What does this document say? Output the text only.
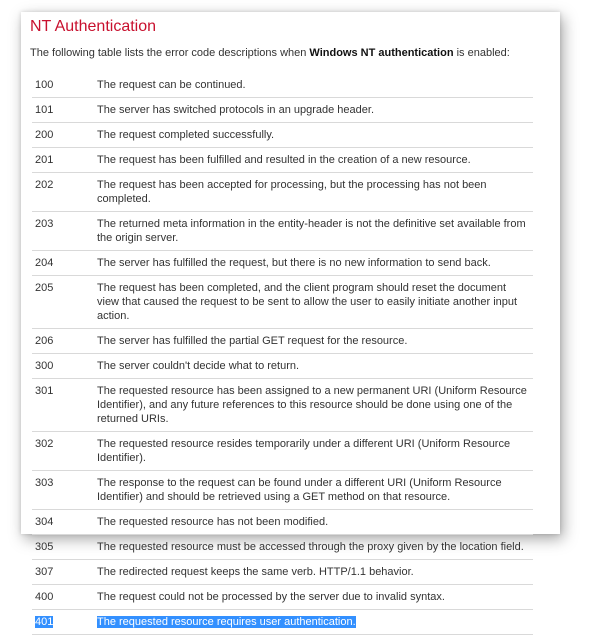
NT Authentication
The following table lists the error code descriptions when Windows NT authentication is enabled:
100	The request can be continued.
101	The server has switched protocols in an upgrade header.
200	The request completed successfully.
201	The request has been fulfilled and resulted in the creation of a new resource.
202	The request has been accepted for processing, but the processing has not been completed.
203	The returned meta information in the entity-header is not the definitive set available from the origin server.
204	The server has fulfilled the request, but there is no new information to send back.
205	The request has been completed, and the client program should reset the document view that caused the request to be sent to allow the user to easily initiate another input action.
206	The server has fulfilled the partial GET request for the resource.
300	The server couldn't decide what to return.
301	The requested resource has been assigned to a new permanent URI (Uniform Resource Identifier), and any future references to this resource should be done using one of the returned URIs.
302	The requested resource resides temporarily under a different URI (Uniform Resource Identifier).
303	The response to the request can be found under a different URI (Uniform Resource Identifier) and should be retrieved using a GET method on that resource.
304	The requested resource has not been modified.
305	The requested resource must be accessed through the proxy given by the location field.
307	The redirected request keeps the same verb. HTTP/1.1 behavior.
400	The request could not be processed by the server due to invalid syntax.
401	The requested resource requires user authentication.
